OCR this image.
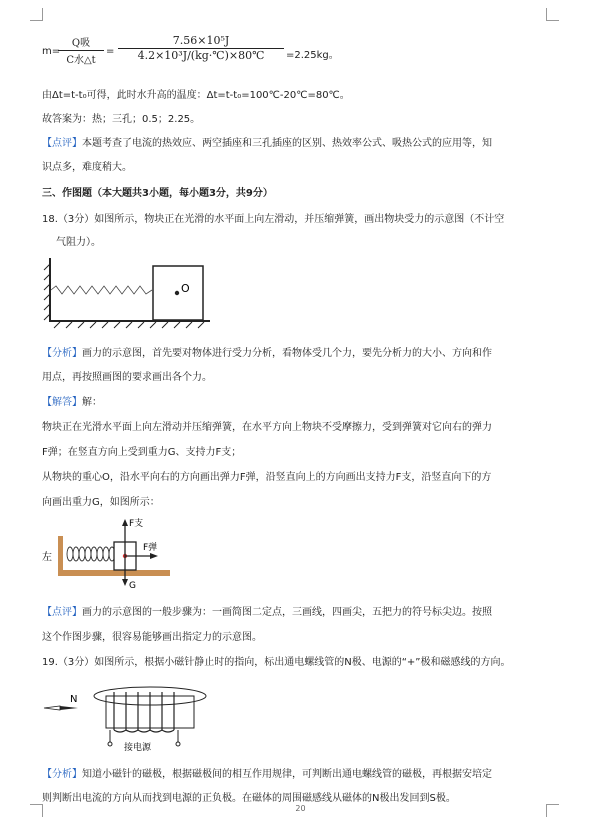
m=
Q吸
C水△t
= $\frac{\text{7.56×10⁵J}}{\text{4.2×10³J/(kg·℃)×80℃}} =2.25kg$。
由Δt=t-t₀可得，此时水升高的温度：Δt=t-t₀=100℃-20℃=80℃。
故答案为：热；三孔；0.5；2.25。
【点评】本题考查了电流的热效应、两空插座和三孔插座的区别、热效率公式、吸热公式的应用等，知
识点多，难度稍大。
三、作图题（本大题共3小题，每小题3分，共9分）
18.（3分）如图所示，物块正在光滑的水平面上向左滑动，并压缩弹簧，画出物块受力的示意图（不计空
气阻力）。
O
【分析】画力的示意图，首先要对物体进行受力分析，看物体受几个力，要先分析力的大小、方向和作
用点，再按照画图的要求画出各个力。
【解答】解：
物块正在光滑水平面上向左滑动并压缩弹簧，在水平方向上物块不受摩擦力，受到弹簧对它向右的弹力
F弹；在竖直方向上受到重力G、支持力F支；
从物块的重心O，沿水平向右的方向画出弹力F弹，沿竖直向上的方向画出支持力F支，沿竖直向下的方
向画出重力G，如图所示：
左
F支
F弹
G
【点评】画力的示意图的一般步骤为：一画简图二定点，三画线，四画尖，五把力的符号标尖边。按照
这个作图步骤，很容易能够画出指定力的示意图。
19.（3分）如图所示，根据小磁针静止时的指向，标出通电螺线管的N极、电源的“+”极和磁感线的方向。
N
接电源
【分析】知道小磁针的磁极，根据磁极间的相互作用规律，可判断出通电螺线管的磁极，再根据安培定
则判断出电流的方向从而找到电源的正负极。在磁体的周围磁感线从磁体的N极出发回到S极。
20
